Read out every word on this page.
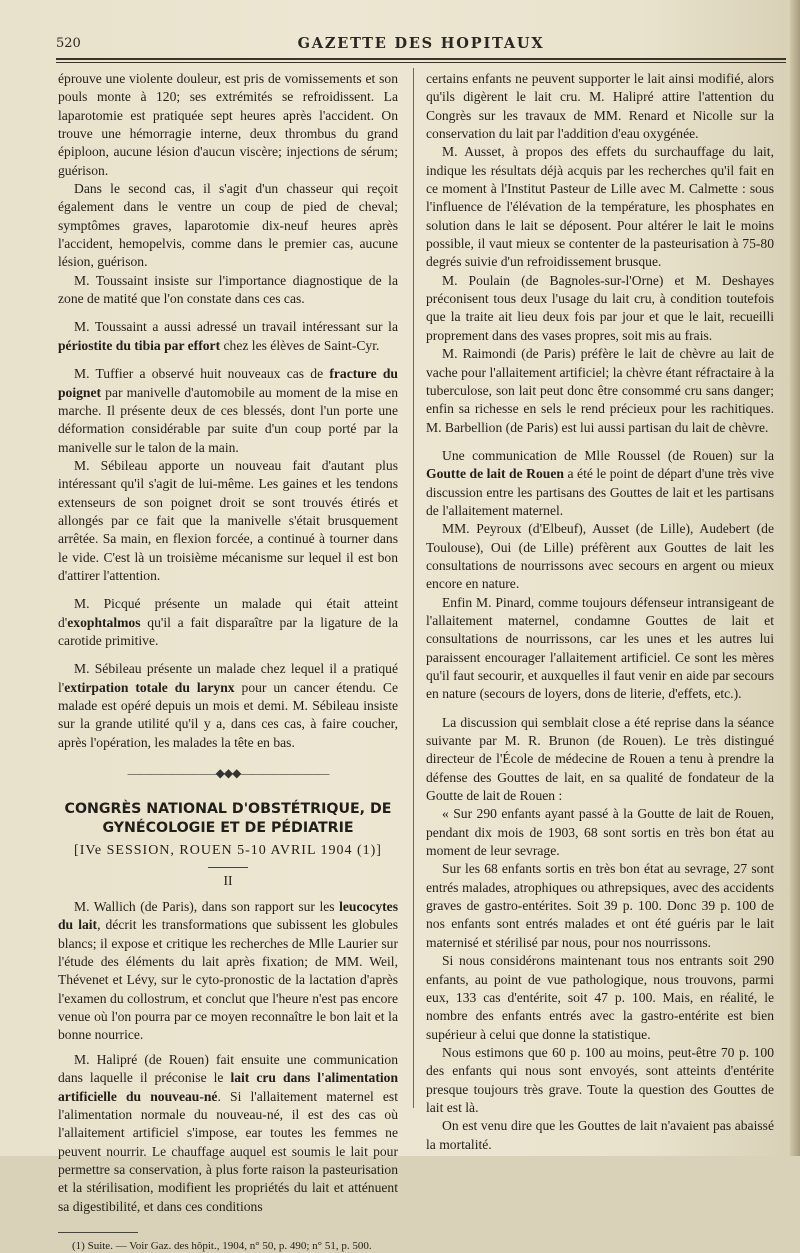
520	GAZETTE DES HOPITAUX

éprouve une violente douleur, est pris de vomissements et son pouls monte à 120; ses extrémités se refroidissent. La laparotomie est pratiquée sept heures après l'accident. On trouve une hémorragie interne, deux thrombus du grand épiploon, aucune lésion d'aucun viscère; injections de sérum; guérison.

Dans le second cas, il s'agit d'un chasseur qui reçoit également dans le ventre un coup de pied de cheval; symptômes graves, laparotomie dix-neuf heures après l'accident, hemopelvis, comme dans le premier cas, aucune lésion, guérison.

M. Toussaint insiste sur l'importance diagnostique de la zone de matité que l'on constate dans ces cas.

M. Toussaint a aussi adressé un travail intéressant sur la périostite du tibia par effort chez les élèves de Saint-Cyr.

M. Tuffier a observé huit nouveaux cas de fracture du poignet par manivelle d'automobile au moment de la mise en marche. Il présente deux de ces blessés, dont l'un porte une déformation considérable par suite d'un coup porté par la manivelle sur le talon de la main.

M. Sébileau apporte un nouveau fait d'autant plus intéressant qu'il s'agit de lui-même. Les gaines et les tendons extenseurs de son poignet droit se sont trouvés étirés et allongés par ce fait que la manivelle s'était brusquement arrêtée. Sa main, en flexion forcée, a continué à tourner dans le vide. C'est là un troisième mécanisme sur lequel il est bon d'attirer l'attention.

M. Picqué présente un malade qui était atteint d'exophtalmos qu'il a fait disparaître par la ligature de la carotide primitive.

M. Sébileau présente un malade chez lequel il a pratiqué l'extirpation totale du larynx pour un cancer étendu. Ce malade est opéré depuis un mois et demi. M. Sébileau insiste sur la grande utilité qu'il y a, dans ces cas, à faire coucher, après l'opération, les malades la tête en bas.

————————◆◆◆————————

CONGRÈS NATIONAL D'OBSTÉTRIQUE, DE GYNÉCOLOGIE ET DE PÉDIATRIE

[IVe SESSION, ROUEN 5-10 AVRIL 1904 (1)]

II

M. Wallich (de Paris), dans son rapport sur les leucocytes du lait, décrit les transformations que subissent les globules blancs; il expose et critique les recherches de Mlle Laurier sur l'étude des éléments du lait après fixation; de MM. Weil, Thévenet et Lévy, sur le cyto-pronostic de la lactation d'après l'examen du collostrum, et conclut que l'heure n'est pas encore venue où l'on pourra par ce moyen reconnaître le bon lait et la bonne nourrice.

M. Halipré (de Rouen) fait ensuite une communication dans laquelle il préconise le lait cru dans l'alimentation artificielle du nouveau-né. Si l'allaitement maternel est l'alimentation normale du nouveau-né, il est des cas où l'allaitement artificiel s'impose, ear toutes les femmes ne peuvent nourrir. Le chauffage auquel est soumis le lait pour permettre sa conservation, à plus forte raison la pasteurisation et la stérilisation, modifient les propriétés du lait et atténuent sa digestibilité, et dans ces conditions

(1) Suite. — Voir Gaz. des hôpit., 1904, n° 50, p. 490; n° 51, p. 500.

certains enfants ne peuvent supporter le lait ainsi modifié, alors qu'ils digèrent le lait cru. M. Halipré attire l'attention du Congrès sur les travaux de MM. Renard et Nicolle sur la conservation du lait par l'addition d'eau oxygénée.

M. Ausset, à propos des effets du surchauffage du lait, indique les résultats déjà acquis par les recherches qu'il fait en ce moment à l'Institut Pasteur de Lille avec M. Calmette : sous l'influence de l'élévation de la température, les phosphates en solution dans le lait se déposent. Pour altérer le lait le moins possible, il vaut mieux se contenter de la pasteurisation à 75-80 degrés suivie d'un refroidissement brusque.

M. Poulain (de Bagnoles-sur-l'Orne) et M. Deshayes préconisent tous deux l'usage du lait cru, à condition toutefois que la traite ait lieu deux fois par jour et que le lait, recueilli proprement dans des vases propres, soit mis au frais.

M. Raimondi (de Paris) préfère le lait de chèvre au lait de vache pour l'allaitement artificiel; la chèvre étant réfractaire à la tuberculose, son lait peut donc être consommé cru sans danger; enfin sa richesse en sels le rend précieux pour les rachitiques. M. Barbellion (de Paris) est lui aussi partisan du lait de chèvre.

Une communication de Mlle Roussel (de Rouen) sur la Goutte de lait de Rouen a été le point de départ d'une très vive discussion entre les partisans des Gouttes de lait et les partisans de l'allaitement maternel.

MM. Peyroux (d'Elbeuf), Ausset (de Lille), Audebert (de Toulouse), Oui (de Lille) préfèrent aux Gouttes de lait les consultations de nourrissons avec secours en argent ou mieux encore en nature.

Enfin M. Pinard, comme toujours défenseur intransigeant de l'allaitement maternel, condamne Gouttes de lait et consultations de nourrissons, car les unes et les autres lui paraissent encourager l'allaitement artificiel. Ce sont les mères qu'il faut secourir, et auxquelles il faut venir en aide par secours en nature (secours de loyers, dons de literie, d'effets, etc.).

La discussion qui semblait close a été reprise dans la séance suivante par M. R. Brunon (de Rouen). Le très distingué directeur de l'École de médecine de Rouen a tenu à prendre la défense des Gouttes de lait, en sa qualité de fondateur de la Goutte de lait de Rouen :

« Sur 290 enfants ayant passé à la Goutte de lait de Rouen, pendant dix mois de 1903, 68 sont sortis en très bon état au moment de leur sevrage.

Sur les 68 enfants sortis en très bon état au sevrage, 27 sont entrés malades, atrophiques ou athrepsiques, avec des accidents graves de gastro-entérites. Soit 39 p. 100. Donc 39 p. 100 de nos enfants sont entrés malades et ont été guéris par le lait maternisé et stérilisé par nous, pour nos nourrissons.

Si nous considérons maintenant tous nos entrants soit 290 enfants, au point de vue pathologique, nous trouvons, parmi eux, 133 cas d'entérite, soit 47 p. 100. Mais, en réalité, le nombre des enfants entrés avec la gastro-entérite est bien supérieur à celui que donne la statistique.

Nous estimons que 60 p. 100 au moins, peut-être 70 p. 100 des enfants qui nous sont envoyés, sont atteints d'entérite presque toujours très grave. Toute la question des Gouttes de lait est là.

On est venu dire que les Gouttes de lait n'avaient pas abaissé la mortalité.
